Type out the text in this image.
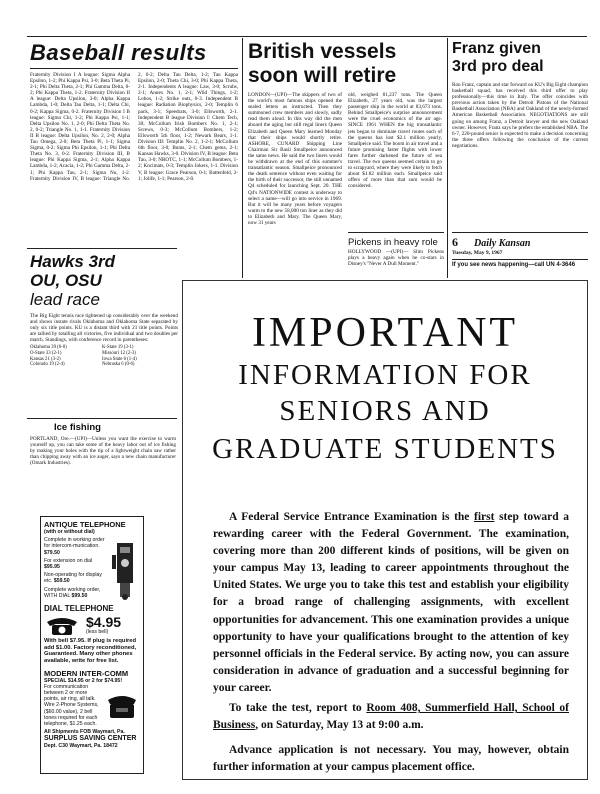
Baseball results
Fraternity Division I A league: Sigma Alpha Epsilon, 1-2; Phi Kappa Psi, 3-0; Beta Theta Pi, 2-1; Phi Delta Theta, 2-1; Phi Gamma Delta, 0-2; Phi Kappa Theta, 1-2. Fraternity Division II A league: Delta Upsilon, 3-0; Alpha Kappa Lambda, 1-0; Delta Tau Delta, 1-1; Delta Chi, 0-2; Kappa Sigma, 0-2. Fraternity Division I B league: Sigma Chi, 1-2; Phi Kappa Psi, 1-1; Delta Upsilon No. 1, 2-0; Phi Delta Theta No. 2, 0-2; Triangle No. 1, 1-1. Fraternity Division II B league: Delta Upsilon, No. 2, 2-0; Alpha Tau Omega, 2-0; Beta Theta Pi, 1-1; Sigma Sigma, 0-2; Sigma Phi Epsilon, 1-1; Phi Delta Theta No. 3, 0-2. Fraternity Division III, B league: Phi Kappa Sigma, 2-1; Alpha Kappa Lambda, 1-2; Acacia, 1-2; Phi Gamma Delta, 2-1; Phi Kappa Tau, 2-1; Sigma Nu, 1-2. Fraternity Division IV, B league: Triangle No. 2, 0-2; Delta Tau Delta, 1-2; Tau Kappa Epsilon, 2-0; Theta Chi, 3-0; Phi Kappa Theta, 2-1. Independents A league: Law, 3-0; Scrubs, 2-1; Annex No. 1, 2-1; Wild Things, 1-2; Lobos, 1-2; Strike outs, 0-3. Independent B league: Radiation Biophysics, 2-0; Templin 6 pack, 3-1; Speedrats, 3-0; Ellsworth, 2-1. Independent B league Division I: Chem Tech, 30; McCollum Irish Bombers No. 1, 2-1; Screws, 0-3; McCollum Bombers, 1-2; Ellsworth 5th floor, 1-2; Newark Bears, 1-1. Division III: Templin No. 2, 1-2-1; McCollum 6th floor, 3-0; Bums, 2-1; Chem gems, 2-1; Kansas Hawks, 3-0. Division IV, B league: Beta Tau, 3-0; NROTC, 1-1; McCollum Bombers, 1-2; Kncimats, 0-3; Templin Jokers, 1-1. Division V, B league: Grace Pearson, 0-1; Battenfeld, 2-1; Jolife, 1-1; Pearson, 2-0.
British vessels
soon will retire
LONDON—(UPI)—The skippers of two of the world's most famous ships opened the sealed letters as instructed. Then they summoned crew members and slowly, sadly read them aloud. In this way did the men aboard the aging but still regal liners Queen Elizabeth and Queen Mary learned Monday that their ships would shortly retire. ASHORE, CUNARD Shipping Line Chairman Sir Basil Smallpeice announced the same news. He said the two liners would be withdrawn at the end of this summer's transatlantic season. Smallpeice pronounced the death sentence without even waiting for the birth of their successor, the still unnamed Q4 scheduled for launching Sept. 20. THE Q4's NATIONWIDE contest is underway to select a name—will go into service in 1969. But it will be many years before voyagers warm to the new 58,000 ton liner as they did to Elizabeth and Mary. The Queen Mary, now 31 years
old, weighed 81,237 tons. The Queen Elizabeth, 27 years old, was the largest passenger ship in the world at 83,673 tons. Behind Smallpeice's surprise announcement were the cruel economics of the air age. SINCE 1961 WHEN the big transatlantic jets began to dominate travel routes each of the queens has lost $2.1 million yearly, Smallpeice said. The boom in air travel and a future promising faster flights with lower fares further darkened the future of sea travel. The two queens seemed certain to go to scrapyard, where they were likely to fetch about $1.82 million each. Smallpeice said offers of more than that sum would be considered.
Pickens in heavy role
HOLLYWOOD —(UPI)— Slim Pickens plays a heavy again when he co-stars in Disney's "Never A Dull Moment."
Franz given
3rd pro deal
Ron Franz, captain and star forward on KU's Big Eight champion basketball squad, has received this third offer to play professionally—this time in Italy. The offer coincides with previous action taken by the Detroit Pistons of the National Basketball Association (NBA) and Oakland of the newly-formed American Basketball Association. NEGOTIATIONS are still going on among Franz, a Detroit lawyer and the new Oakland owner. However, Franz says he prefers the established NBA. The 6-7, 220-pound senior is expected to make a decision concerning the three offers following the conclusion of the current negotiations.
6 Daily Kansan
Tuesday, May 9, 1967
If you see news happening—call UN 4-3646
Hawks 3rd
OU, OSU
lead race
The Big Eight tennis race tightened up considerably over the weekend and shows instate rivals Oklahoma and Oklahoma State separated by only six title points. KU is a distant third with 21 title points. Points are tallied by totalling all victories, five individual and two doubles per match. Standings, with conference record in parentheses:
Oklahoma 39 (6-0)	K-State 19 (3-1)
O-State 33 (2-1)	Missouri 12 (2-3)
Kansas 21 (3-2)	Iowa State 6 (1-4)
Colorado 19 (2-4)	Nebraska 6 (0-6)
Ice fishing
PORTLAND, Ore.—(UPI)—Unless you want the exercise to warm yourself up, you can take some of the heavy labor out of ice fishing by making your holes with the tip of a lightweight chain saw rather than chipping away with an ice auger, says a new chain manufacturer (Omark Industries).
ANTIQUE TELEPHONE
(with or without dial)
Complete in working order for intercom-munication. $79.50
For extension on dial $95.95
Non-operating for display etc. $59.50
Complete working order, WITH DIAL $99.50
DIAL TELEPHONE
$4.95
(less bell)
With bell $7.95. If plug is required add $1.00. Factory reconditioned, Guaranteed. Many other phones available, write for free list.
MODERN INTER-COMM
SPECIAL $14.95 or 2 for $74.95!
For communication between 2 or more points, air ring, all talk. Wire 2-Phone Systems, ($60.00 value), 2 bell tones required for each telephone, $1.25 each.
All Shipments FOB Waymart, Pa.
SURPLUS SAVING CENTER
Dept. C30 Waymart, Pa. 18472
IMPORTANT
INFORMATION FOR
SENIORS AND
GRADUATE STUDENTS

A Federal Service Entrance Examination is the first step toward a rewarding career with the Federal Government. The examination, covering more than 200 different kinds of positions, will be given on your campus May 13, leading to career appointments throughout the United States. We urge you to take this test and establish your eligibility for a broad range of challenging assignments, with excellent opportunities for advancement. This one examination provides a unique opportunity to have your qualifications brought to the attention of key personnel officials in the Federal service. By acting now, you can assure consideration in advance of graduation and a successful beginning for your career.

To take the test, report to Room 408, Summerfield Hall, School of Business, on Saturday, May 13 at 9:00 a.m.

Advance application is not necessary. You may, however, obtain further information at your campus placement office.
